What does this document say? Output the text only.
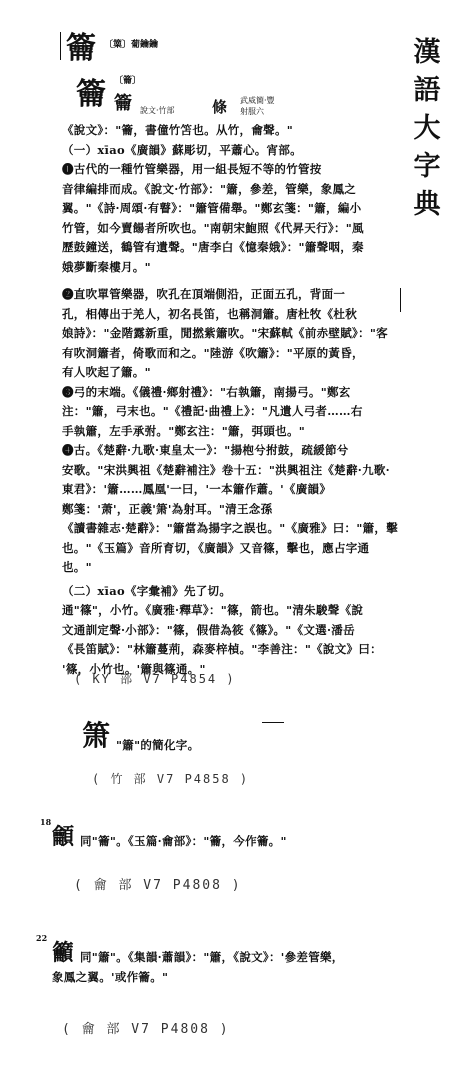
漢
語
大
字
典
籥 〔篥〕葡鑰鑰
籥 〔籥〕
籥 說文·竹部 條 武威簡·豐
射服六
《說文》："籥，書僮竹笘也。从竹，龠聲。"
（一）xīao《廣韻》蘇彫切，平蕭心。宵部。
❶古代的一種竹管樂器，用一組長短不等的竹管按
音律編排而成。《說文·竹部》："簫，參差，管樂，象鳳之
翼。"《詩·周頌·有瞽》："簫管備舉。"鄭玄箋："簫，編小
竹管，如今賣餳者所吹也。"南朝宋鮑照《代昇天行》："風
歷鼓鐘送，鶴管有遺聲。"唐李白《憶秦娥》："簫聲咽，秦
娥夢斷秦樓月。"
❷直吹單管樂器，吹孔在頂端側沿，正面五孔，背面一
孔，相傳出于羌人，初名長笛，也稱洞簫。唐杜牧《杜秋
娘詩》："金階露新重，閒撚紫簫吹。"宋蘇軾《前赤壁賦》："客
有吹洞簫者，倚歌而和之。"陸游《吹簫》："平原的黃昏，
有人吹起了簫。"
❸弓的末端。《儀禮·鄉射禮》："右執簫，南揚弓。"鄭玄
注："簫，弓末也。"《禮記·曲禮上》："凡遺人弓者……右
手執簫，左手承弣。"鄭玄注："簫，弭頭也。"
❹古。《楚辭·九歌·東皇太一》："揚枹兮拊鼓，疏緩節兮
安歌。"宋洪興祖《楚辭補注》卷十五："洪興祖注《楚辭·九歌·
東君》：'簫……鳳凰'一曰，'一本簫作蕭。'《廣韻》
鄭箋：'萧'，正義'箫'為射耳。"清王念孫
《讀書雜志·楚辭》："簫當為揚字之誤也。"《廣雅》曰："簫，擊
也。"《玉篇》音所育切，《廣韻》又音篠，擊也，應占字通
也。"
（二）xīao《字彙補》先了切。
通"篠"，小竹。《廣雅·釋草》："篠，箭也。"清朱駿聲《說
文通訓定聲·小部》："篠，假借為筱《篠》。"《文選·潘岳
《長笛賦》："林簫蔓荊，森麥梓楨。"李善注："《說文》曰：
'篠，小竹也。'簫與篠通。"
( KY 部 V7 P4854 )
箫 "簫"的簡化字。
( 竹 部 V7 P4858 )
18
龥 同"籥"。《玉篇·龠部》："籥，今作籥。"
( 龠 部 V7 P4808 )
22
籲 同"簫"。《集韻·蕭韻》："簫，《說文》：'參差管樂，
象鳳之翼。'或作籥。"
( 龠 部 V7 P4808 )
